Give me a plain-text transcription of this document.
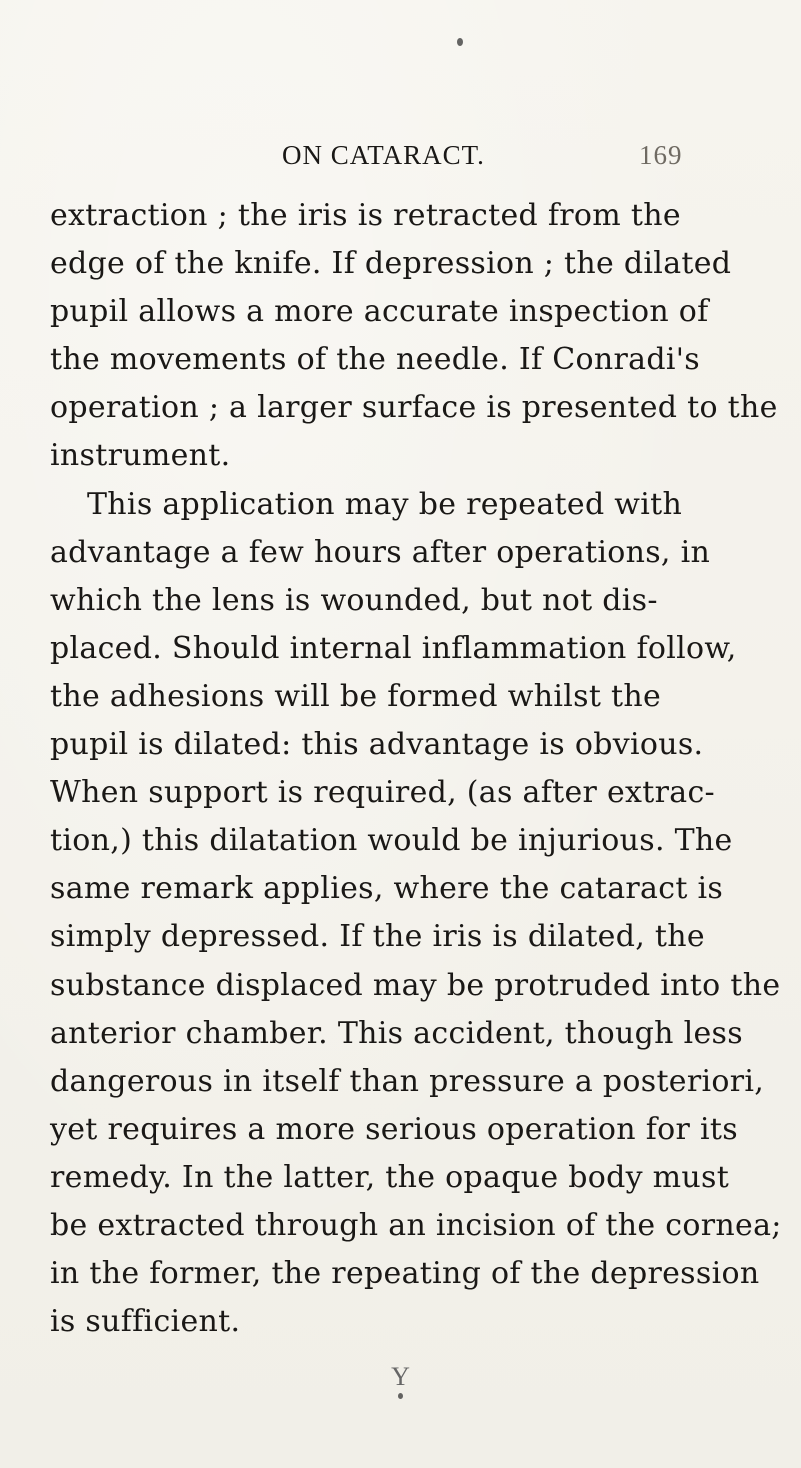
ON CATARACT.	169
extraction ; the iris is retracted from the
edge of the knife. If depression ; the dilated
pupil allows a more accurate inspection of
the movements of the needle. If Conradi's
operation ; a larger surface is presented to the
instrument.
This application may be repeated with
advantage a few hours after operations, in
which the lens is wounded, but not dis-
placed. Should internal inflammation follow,
the adhesions will be formed whilst the
pupil is dilated: this advantage is obvious.
When support is required, (as after extrac-
tion,) this dilatation would be injurious. The
same remark applies, where the cataract is
simply depressed. If the iris is dilated, the
substance displaced may be protruded into the
anterior chamber. This accident, though less
dangerous in itself than pressure a posteriori,
yet requires a more serious operation for its
remedy. In the latter, the opaque body must
be extracted through an incision of the cornea;
in the former, the repeating of the depression
is sufficient.
Y
